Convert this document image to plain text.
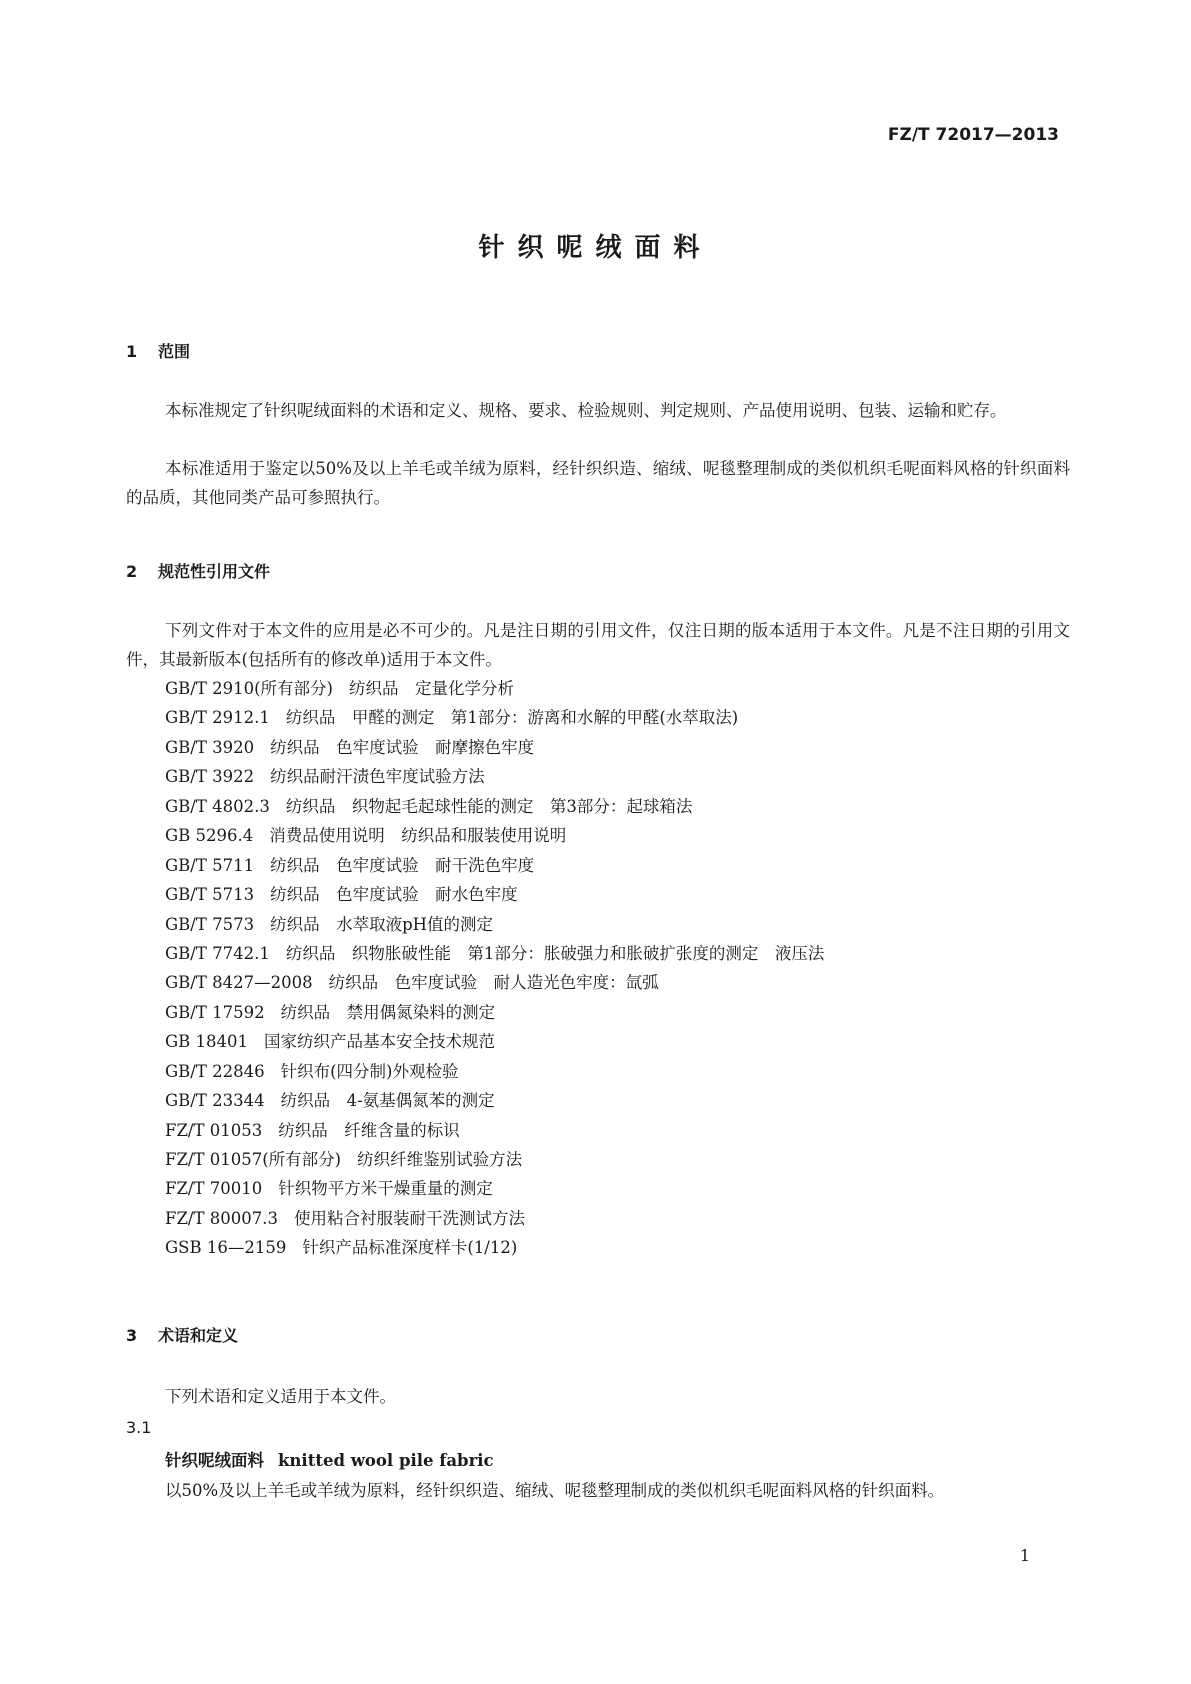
FZ/T 72017—2013
针织呢绒面料
1 范围

本标准规定了针织呢绒面料的术语和定义、规格、要求、检验规则、判定规则、产品使用说明、包装、运输和贮存。

本标准适用于鉴定以50%及以上羊毛或羊绒为原料，经针织织造、缩绒、呢毯整理制成的类似机织毛呢面料风格的针织面料的品质，其他同类产品可参照执行。

2 规范性引用文件

下列文件对于本文件的应用是必不可少的。凡是注日期的引用文件，仅注日期的版本适用于本文件。凡是不注日期的引用文件，其最新版本(包括所有的修改单)适用于本文件。

GB/T 2910(所有部分) 纺织品　定量化学分析
GB/T 2912.1 纺织品　甲醛的测定　第1部分：游离和水解的甲醛(水萃取法)
GB/T 3920 纺织品　色牢度试验　耐摩擦色牢度
GB/T 3922 纺织品耐汗渍色牢度试验方法
GB/T 4802.3 纺织品　织物起毛起球性能的测定　第3部分：起球箱法
GB 5296.4 消费品使用说明　纺织品和服装使用说明
GB/T 5711 纺织品　色牢度试验　耐干洗色牢度
GB/T 5713 纺织品　色牢度试验　耐水色牢度
GB/T 7573 纺织品　水萃取液pH值的测定
GB/T 7742.1 纺织品　织物胀破性能　第1部分：胀破强力和胀破扩张度的测定　液压法
GB/T 8427—2008 纺织品　色牢度试验　耐人造光色牢度：氙弧
GB/T 17592 纺织品　禁用偶氮染料的测定
GB 18401 国家纺织产品基本安全技术规范
GB/T 22846 针织布(四分制)外观检验
GB/T 23344 纺织品　4-氨基偶氮苯的测定
FZ/T 01053 纺织品　纤维含量的标识
FZ/T 01057(所有部分) 纺织纤维鉴别试验方法
FZ/T 70010 针织物平方米干燥重量的测定
FZ/T 80007.3 使用粘合衬服装耐干洗测试方法
GSB 16—2159 针织产品标准深度样卡(1/12)
3 术语和定义

下列术语和定义适用于本文件。

3.1
针织呢绒面料 knitted wool pile fabric

以50%及以上羊毛或羊绒为原料，经针织织造、缩绒、呢毯整理制成的类似机织毛呢面料风格的针织面料。

1
